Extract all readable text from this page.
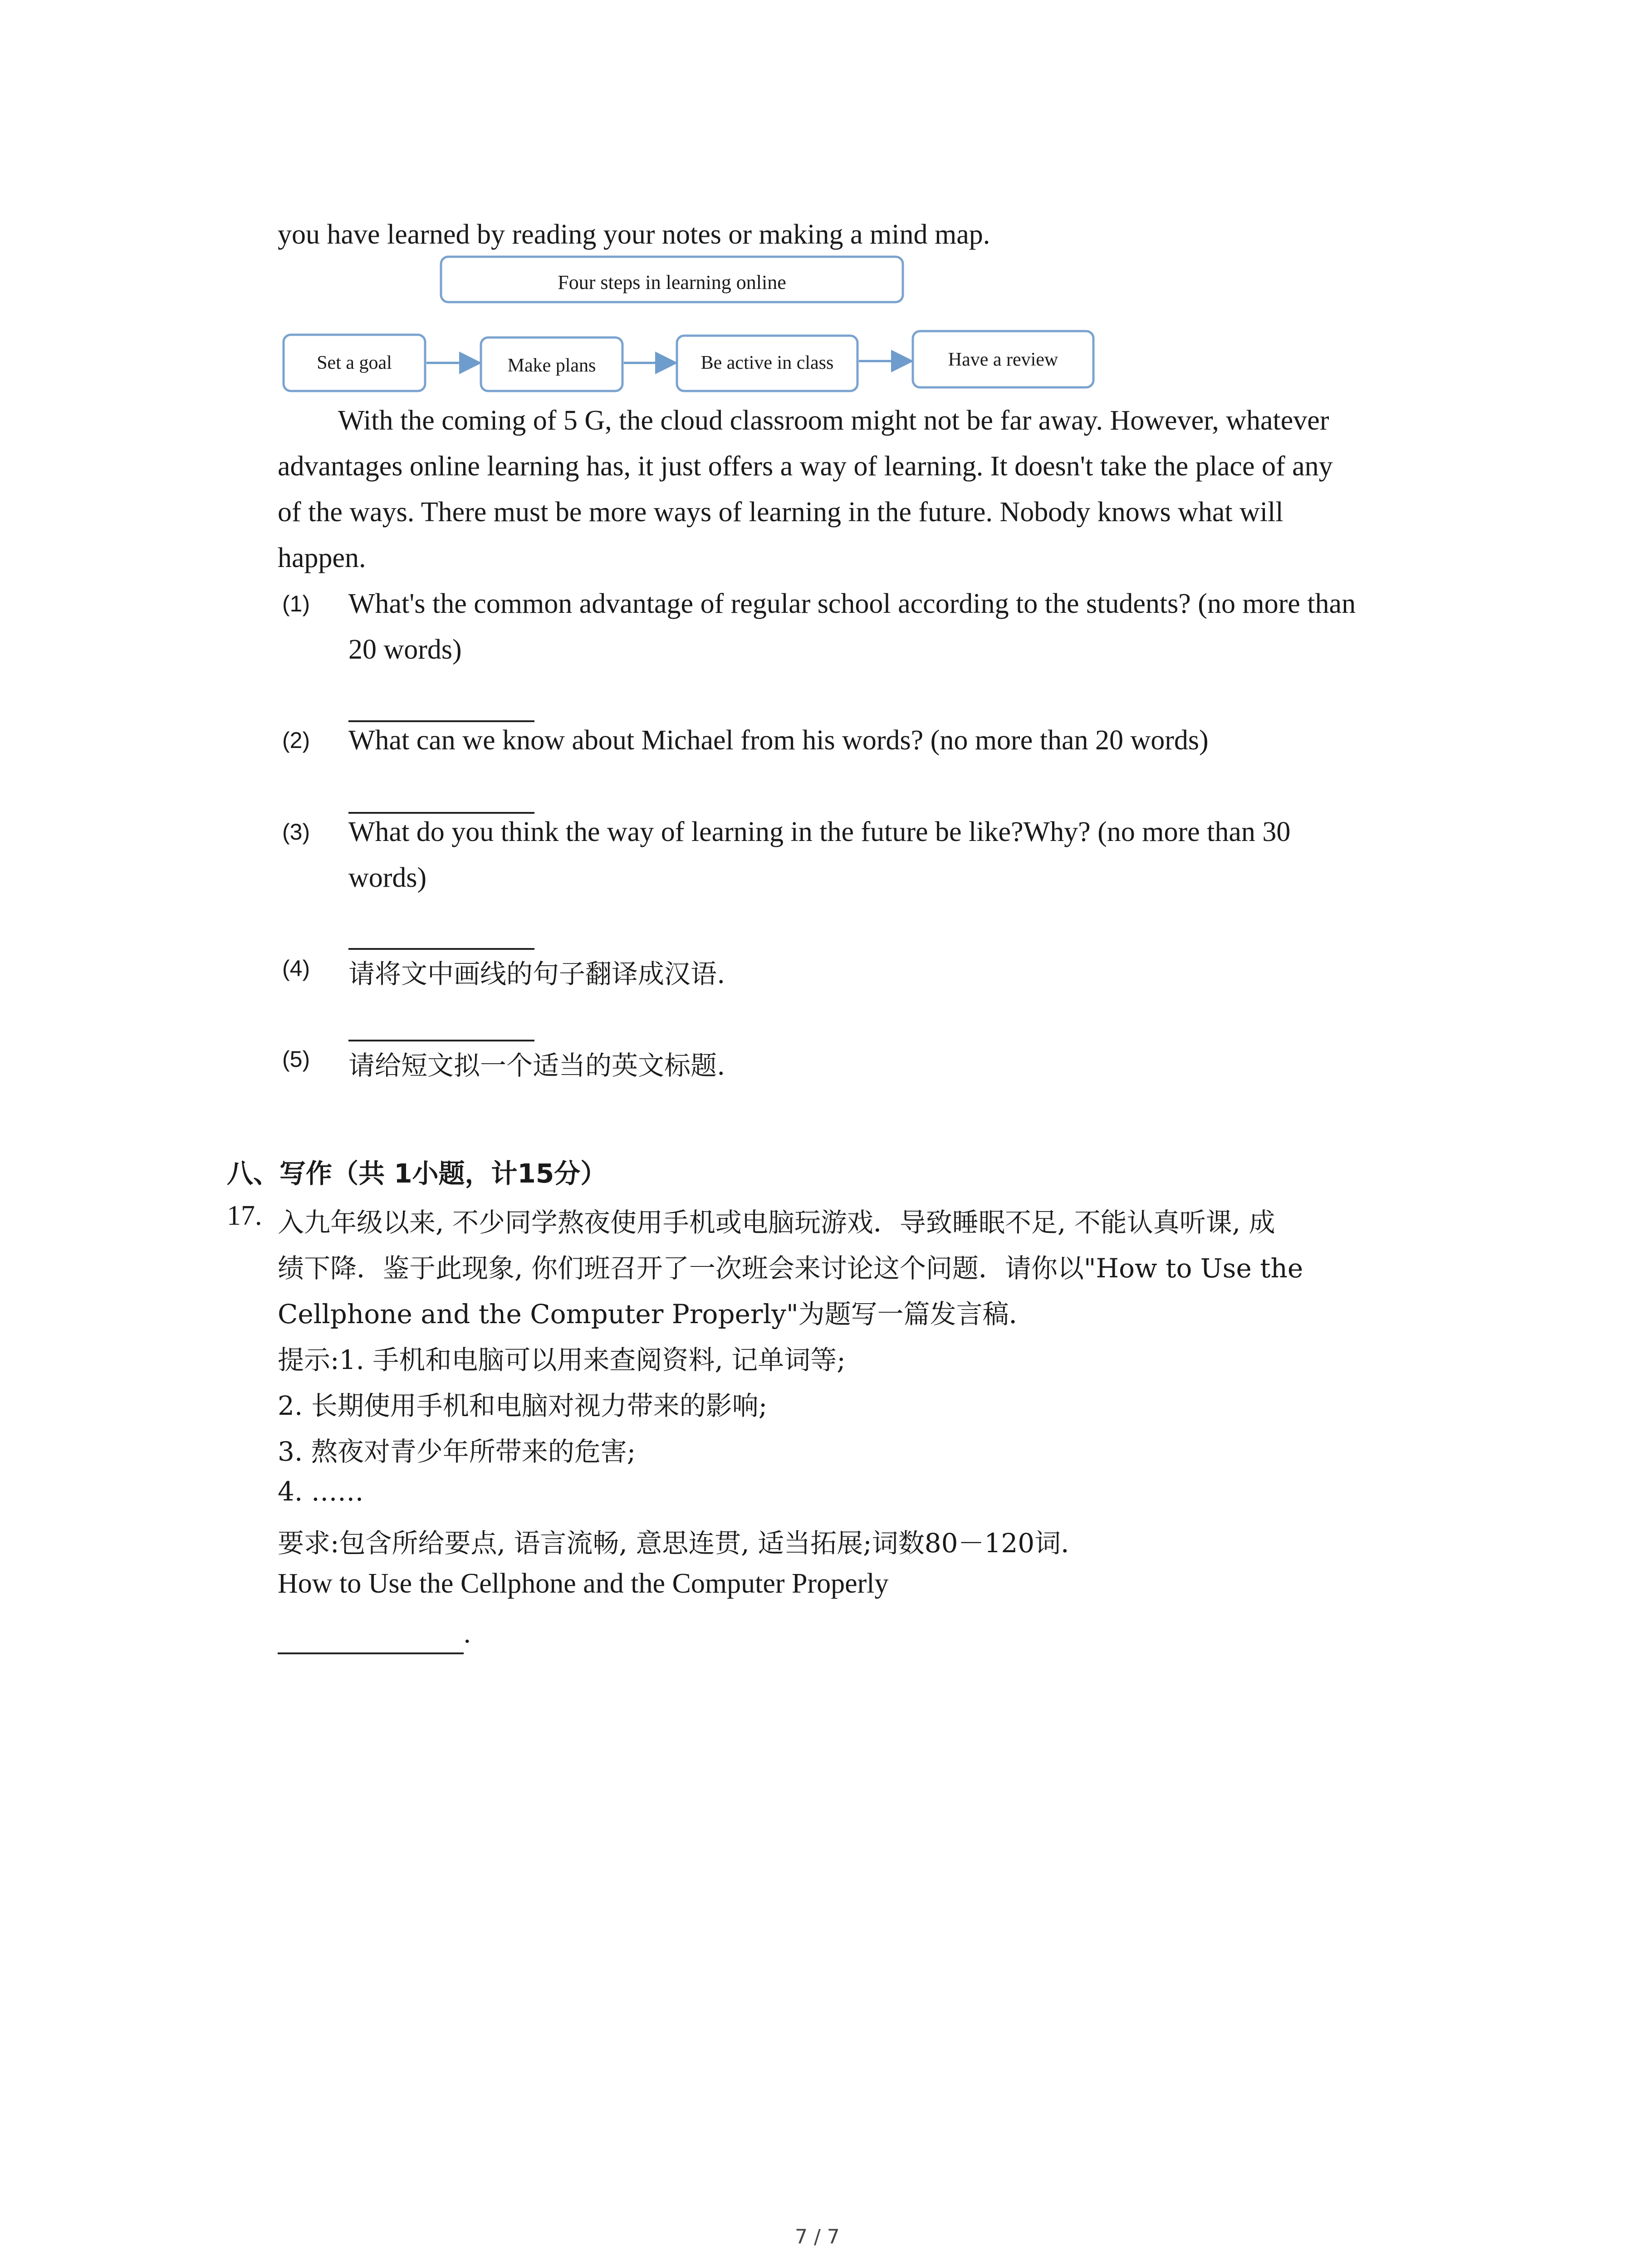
you have learned by reading your notes or making a mind map.
Four steps in learning online
Set a goal	Make plans	Be active in class	Have a review
With the coming of 5 G, the cloud classroom might not be far away. However, whatever
advantages online learning has, it just offers a way of learning. It doesn't take the place of any
of the ways. There must be more ways of learning in the future. Nobody knows what will
happen.
(1) What's the common advantage of regular school according to the students? (no more than
20 words)
(2) What can we know about Michael from his words? (no more than 20 words)
(3) What do you think the way of learning in the future be like?Why? (no more than 30
words)
(4) 请将文中画线的句子翻译成汉语.
(5) 请给短文拟一个适当的英文标题.
八、写作（共 1小题，计15分）
17. 入九年级以来, 不少同学熬夜使用手机或电脑玩游戏．导致睡眠不足, 不能认真听课, 成
绩下降．鉴于此现象, 你们班召开了一次班会来讨论这个问题．请你以"How to Use the
Cellphone and the Computer Properly"为题写一篇发言稿．
提示:1. 手机和电脑可以用来查阅资料, 记单词等;
2. 长期使用手机和电脑对视力带来的影响;
3. 熬夜对青少年所带来的危害;
4. ……
要求:包含所给要点, 语言流畅, 意思连贯, 适当拓展;词数80－120词．
How to Use the Cellphone and the Computer Properly
.
7 / 7
